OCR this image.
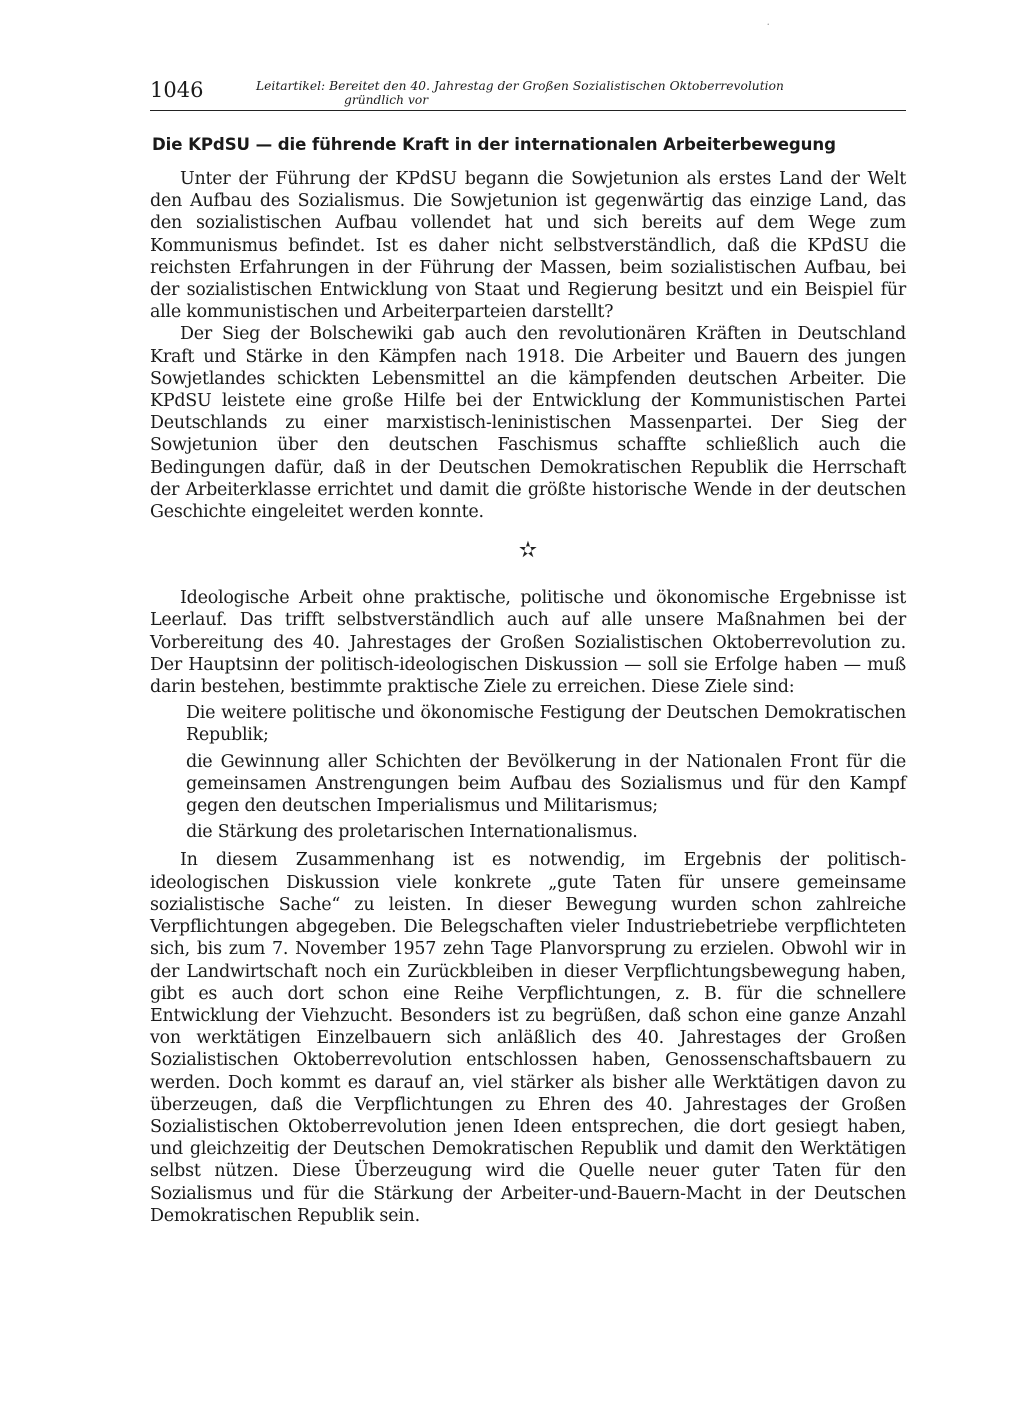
·
1046	Leitartikel: Bereitet den 40. Jahrestag der Großen Sozialistischen Oktoberrevolution
gründlich vor
Die KPdSU — die führende Kraft in der internationalen Arbeiterbewegung

Unter der Führung der KPdSU begann die Sowjetunion als erstes Land der Welt den Aufbau des Sozialismus. Die Sowjetunion ist gegenwärtig das einzige Land, das den sozialistischen Aufbau vollendet hat und sich bereits auf dem Wege zum Kommunismus befindet. Ist es daher nicht selbstverständlich, daß die KPdSU die reichsten Erfahrungen in der Führung der Massen, beim sozialistischen Aufbau, bei der sozialistischen Entwicklung von Staat und Regierung besitzt und ein Beispiel für alle kommunistischen und Arbeiterparteien darstellt?

Der Sieg der Bolschewiki gab auch den revolutionären Kräften in Deutschland Kraft und Stärke in den Kämpfen nach 1918. Die Arbeiter und Bauern des jungen Sowjetlandes schickten Lebensmittel an die kämpfenden deutschen Arbeiter. Die KPdSU leistete eine große Hilfe bei der Entwicklung der Kommunistischen Partei Deutschlands zu einer marxistisch-leninistischen Massenpartei. Der Sieg der Sowjetunion über den deutschen Faschismus schaffte schließlich auch die Bedingungen dafür, daß in der Deutschen Demokratischen Republik die Herrschaft der Arbeiterklasse errichtet und damit die größte historische Wende in der deutschen Geschichte eingeleitet werden konnte.

✫

Ideologische Arbeit ohne praktische, politische und ökonomische Ergebnisse ist Leerlauf. Das trifft selbstverständlich auch auf alle unsere Maßnahmen bei der Vorbereitung des 40. Jahrestages der Großen Sozialistischen Oktoberrevolution zu. Der Hauptsinn der politisch-ideologischen Diskussion — soll sie Erfolge haben — muß darin bestehen, bestimmte praktische Ziele zu erreichen. Diese Ziele sind:

Die weitere politische und ökonomische Festigung der Deutschen Demokratischen Republik;
die Gewinnung aller Schichten der Bevölkerung in der Nationalen Front für die gemeinsamen Anstrengungen beim Aufbau des Sozialismus und für den Kampf gegen den deutschen Imperialismus und Militarismus;
die Stärkung des proletarischen Internationalismus.

In diesem Zusammenhang ist es notwendig, im Ergebnis der politisch-ideologischen Diskussion viele konkrete „gute Taten für unsere gemeinsame sozialistische Sache“ zu leisten. In dieser Bewegung wurden schon zahlreiche Verpflichtungen abgegeben. Die Belegschaften vieler Industriebetriebe verpflichteten sich, bis zum 7. November 1957 zehn Tage Planvorsprung zu erzielen. Obwohl wir in der Landwirtschaft noch ein Zurückbleiben in dieser Verpflichtungsbewegung haben, gibt es auch dort schon eine Reihe Verpflichtungen, z. B. für die schnellere Entwicklung der Viehzucht. Besonders ist zu begrüßen, daß schon eine ganze Anzahl von werktätigen Einzelbauern sich anläßlich des 40. Jahrestages der Großen Sozialistischen Oktoberrevolution entschlossen haben, Genossenschaftsbauern zu werden. Doch kommt es darauf an, viel stärker als bisher alle Werktätigen davon zu überzeugen, daß die Verpflichtungen zu Ehren des 40. Jahrestages der Großen Sozialistischen Oktoberrevolution jenen Ideen entsprechen, die dort gesiegt haben, und gleichzeitig der Deutschen Demokratischen Republik und damit den Werktätigen selbst nützen. Diese Überzeugung wird die Quelle neuer guter Taten für den Sozialismus und für die Stärkung der Arbeiter-und-Bauern-Macht in der Deutschen Demokratischen Republik sein.
